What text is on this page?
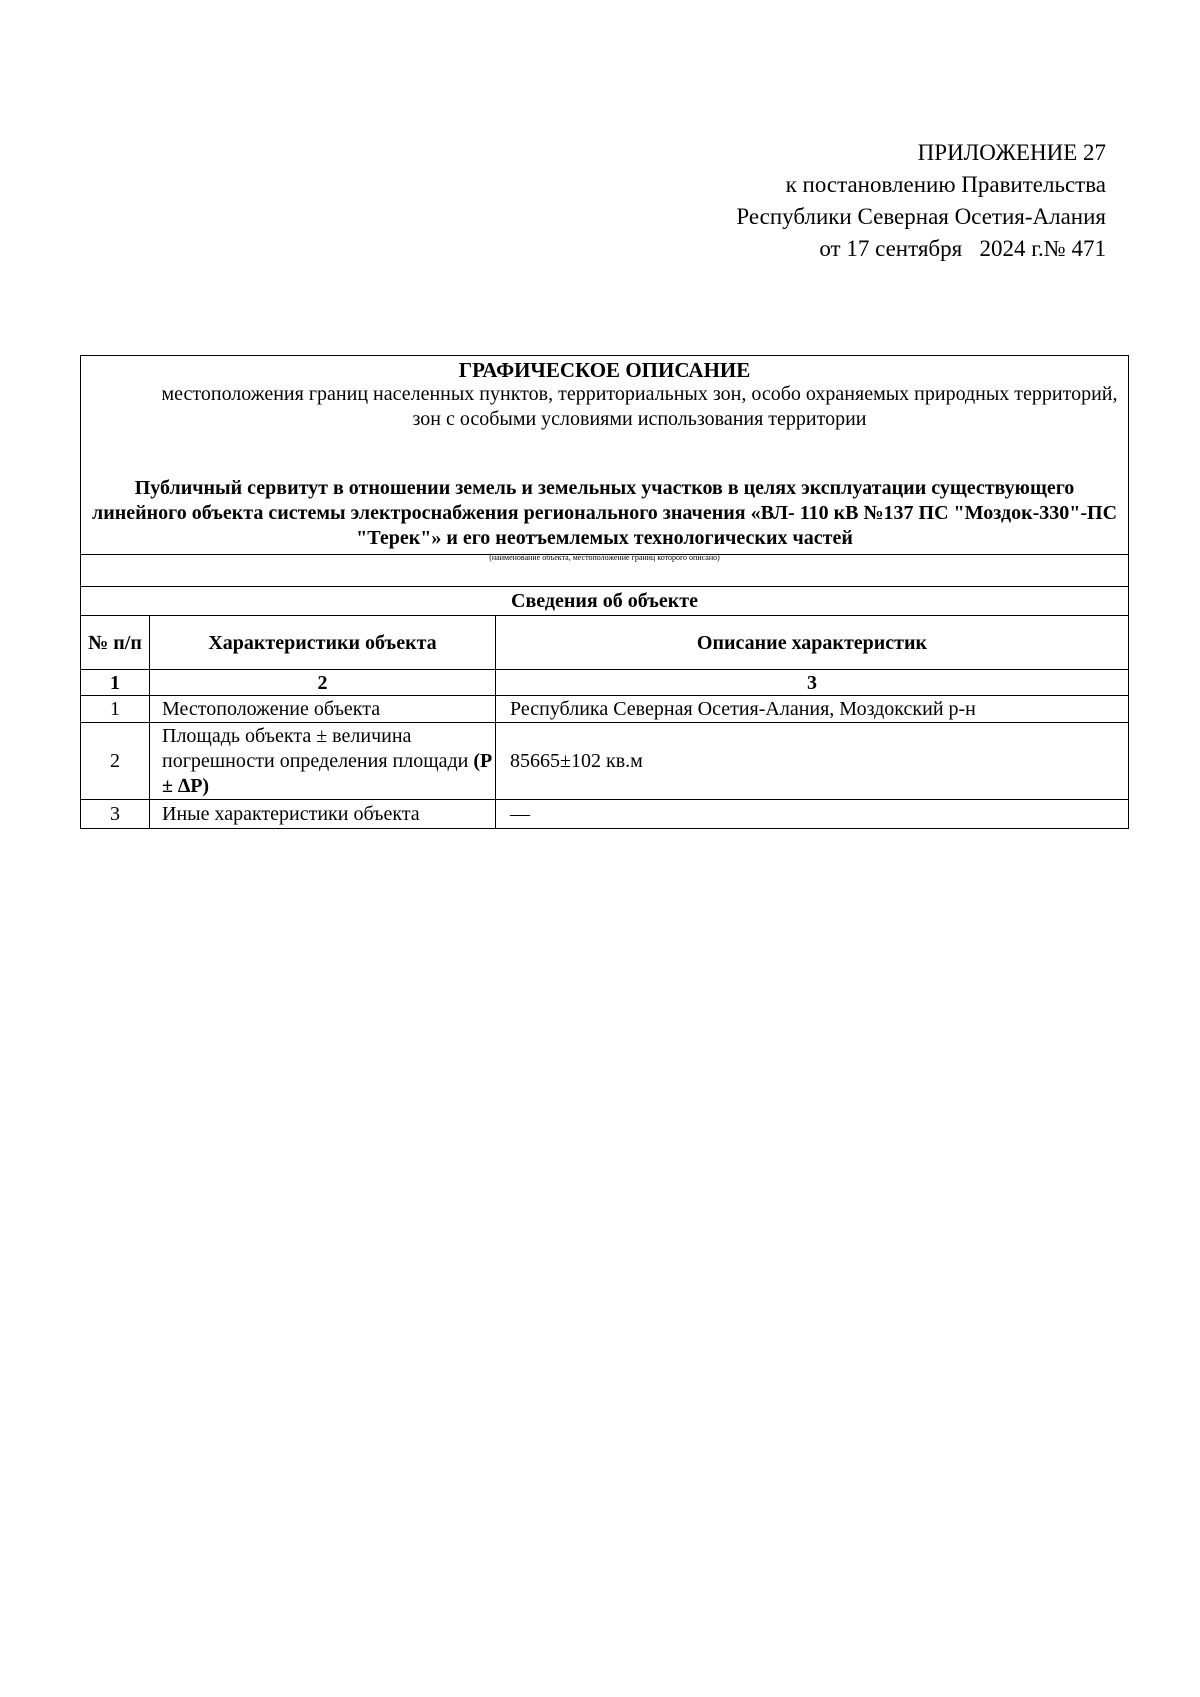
ПРИЛОЖЕНИЕ 27
к постановлению Правительства
Республики Северная Осетия-Алания
от 17 сентября   2024 г.№ 471
ГРАФИЧЕСКОЕ ОПИСАНИЕ
местоположения границ населенных пунктов, территориальных зон, особо охраняемых природных территорий, зон с особыми условиями использования территории
Публичный сервитут в отношении земель и земельных участков в целях эксплуатации существующего линейного объекта системы электроснабжения регионального значения «ВЛ- 110 кВ №137 ПС "Моздок-330"-ПС "Терек"» и его неотъемлемых технологических частей		

(наименование объекта, местоположение границ которого описано)		

Сведения об объекте		
№ п/п	Характеристики объекта	Описание характеристик
1	2	3
1	Местоположение объекта	Республика Северная Осетия-Алания, Моздокский р-н
2	Площадь объекта ± величина погрешности определения площади (P ± ∆P)	85665±102 кв.м
3	Иные характеристики объекта	—
